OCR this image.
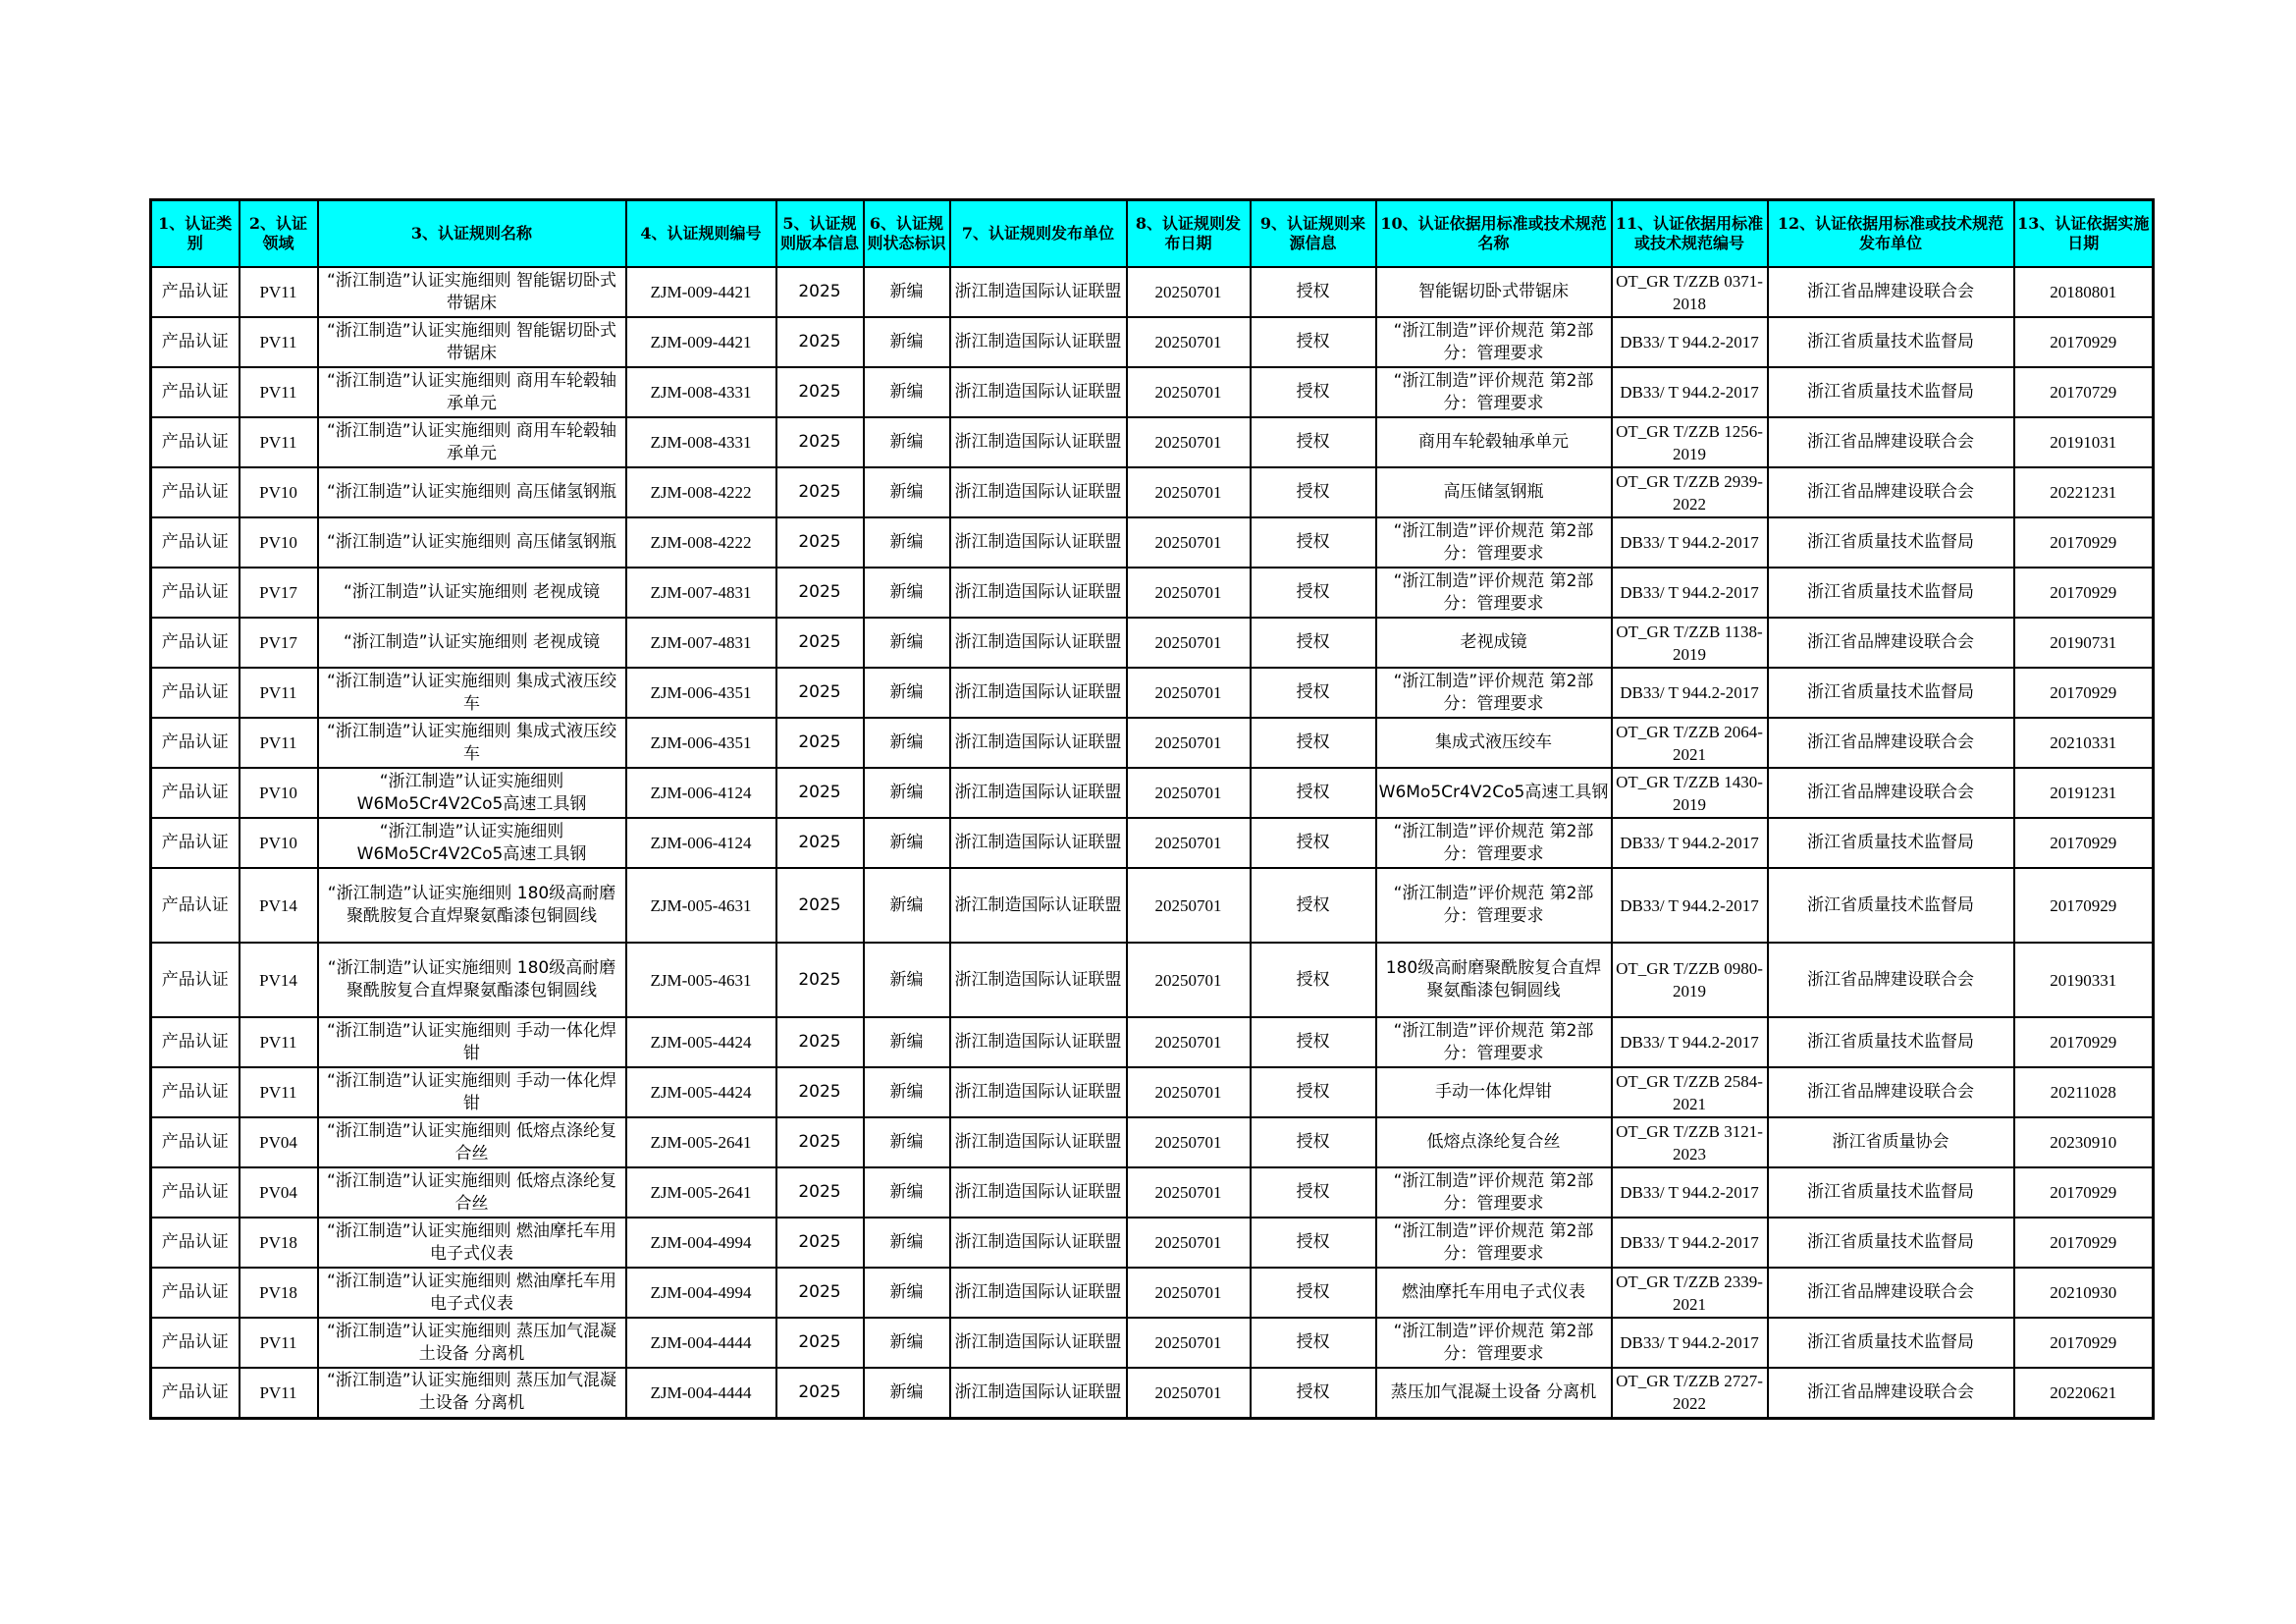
1、认证类别	2、认证领域	3、认证规则名称	4、认证规则编号	5、认证规则版本信息	6、认证规则状态标识	7、认证规则发布单位	8、认证规则发布日期	9、认证规则来源信息	10、认证依据用标准或技术规范名称	11、认证依据用标准或技术规范编号	12、认证依据用标准或技术规范发布单位	13、认证依据实施日期
产品认证	PV11	“浙江制造”认证实施细则 智能锯切卧式带锯床	ZJM-009-4421	2025	新编	浙江制造国际认证联盟	20250701	授权	智能锯切卧式带锯床	OT_GR T/ZZB 0371-2018	浙江省品牌建设联合会	20180801
产品认证	PV11	“浙江制造”认证实施细则 智能锯切卧式带锯床	ZJM-009-4421	2025	新编	浙江制造国际认证联盟	20250701	授权	“浙江制造”评价规范 第2部分：管理要求	DB33/ T 944.2-2017	浙江省质量技术监督局	20170929
产品认证	PV11	“浙江制造”认证实施细则 商用车轮毂轴承单元	ZJM-008-4331	2025	新编	浙江制造国际认证联盟	20250701	授权	“浙江制造”评价规范 第2部分：管理要求	DB33/ T 944.2-2017	浙江省质量技术监督局	20170729
产品认证	PV11	“浙江制造”认证实施细则 商用车轮毂轴承单元	ZJM-008-4331	2025	新编	浙江制造国际认证联盟	20250701	授权	商用车轮毂轴承单元	OT_GR T/ZZB 1256-2019	浙江省品牌建设联合会	20191031
产品认证	PV10	“浙江制造”认证实施细则 高压储氢钢瓶	ZJM-008-4222	2025	新编	浙江制造国际认证联盟	20250701	授权	高压储氢钢瓶	OT_GR T/ZZB 2939-2022	浙江省品牌建设联合会	20221231
产品认证	PV10	“浙江制造”认证实施细则 高压储氢钢瓶	ZJM-008-4222	2025	新编	浙江制造国际认证联盟	20250701	授权	“浙江制造”评价规范 第2部分：管理要求	DB33/ T 944.2-2017	浙江省质量技术监督局	20170929
产品认证	PV17	“浙江制造”认证实施细则 老视成镜	ZJM-007-4831	2025	新编	浙江制造国际认证联盟	20250701	授权	“浙江制造”评价规范 第2部分：管理要求	DB33/ T 944.2-2017	浙江省质量技术监督局	20170929
产品认证	PV17	“浙江制造”认证实施细则 老视成镜	ZJM-007-4831	2025	新编	浙江制造国际认证联盟	20250701	授权	老视成镜	OT_GR T/ZZB 1138-2019	浙江省品牌建设联合会	20190731
产品认证	PV11	“浙江制造”认证实施细则 集成式液压绞车	ZJM-006-4351	2025	新编	浙江制造国际认证联盟	20250701	授权	“浙江制造”评价规范 第2部分：管理要求	DB33/ T 944.2-2017	浙江省质量技术监督局	20170929
产品认证	PV11	“浙江制造”认证实施细则 集成式液压绞车	ZJM-006-4351	2025	新编	浙江制造国际认证联盟	20250701	授权	集成式液压绞车	OT_GR T/ZZB 2064-2021	浙江省品牌建设联合会	20210331
产品认证	PV10	“浙江制造”认证实施细则 W6Mo5Cr4V2Co5高速工具钢	ZJM-006-4124	2025	新编	浙江制造国际认证联盟	20250701	授权	W6Mo5Cr4V2Co5高速工具钢	OT_GR T/ZZB 1430-2019	浙江省品牌建设联合会	20191231
产品认证	PV10	“浙江制造”认证实施细则 W6Mo5Cr4V2Co5高速工具钢	ZJM-006-4124	2025	新编	浙江制造国际认证联盟	20250701	授权	“浙江制造”评价规范 第2部分：管理要求	DB33/ T 944.2-2017	浙江省质量技术监督局	20170929
产品认证	PV14	“浙江制造”认证实施细则 180级高耐磨聚酰胺复合直焊聚氨酯漆包铜圆线	ZJM-005-4631	2025	新编	浙江制造国际认证联盟	20250701	授权	“浙江制造”评价规范 第2部分：管理要求	DB33/ T 944.2-2017	浙江省质量技术监督局	20170929
产品认证	PV14	“浙江制造”认证实施细则 180级高耐磨聚酰胺复合直焊聚氨酯漆包铜圆线	ZJM-005-4631	2025	新编	浙江制造国际认证联盟	20250701	授权	180级高耐磨聚酰胺复合直焊聚氨酯漆包铜圆线	OT_GR T/ZZB 0980-2019	浙江省品牌建设联合会	20190331
产品认证	PV11	“浙江制造”认证实施细则 手动一体化焊钳	ZJM-005-4424	2025	新编	浙江制造国际认证联盟	20250701	授权	“浙江制造”评价规范 第2部分：管理要求	DB33/ T 944.2-2017	浙江省质量技术监督局	20170929
产品认证	PV11	“浙江制造”认证实施细则 手动一体化焊钳	ZJM-005-4424	2025	新编	浙江制造国际认证联盟	20250701	授权	手动一体化焊钳	OT_GR T/ZZB 2584-2021	浙江省品牌建设联合会	20211028
产品认证	PV04	“浙江制造”认证实施细则 低熔点涤纶复合丝	ZJM-005-2641	2025	新编	浙江制造国际认证联盟	20250701	授权	低熔点涤纶复合丝	OT_GR T/ZZB 3121-2023	浙江省质量协会	20230910
产品认证	PV04	“浙江制造”认证实施细则 低熔点涤纶复合丝	ZJM-005-2641	2025	新编	浙江制造国际认证联盟	20250701	授权	“浙江制造”评价规范 第2部分：管理要求	DB33/ T 944.2-2017	浙江省质量技术监督局	20170929
产品认证	PV18	“浙江制造”认证实施细则 燃油摩托车用电子式仪表	ZJM-004-4994	2025	新编	浙江制造国际认证联盟	20250701	授权	“浙江制造”评价规范 第2部分：管理要求	DB33/ T 944.2-2017	浙江省质量技术监督局	20170929
产品认证	PV18	“浙江制造”认证实施细则 燃油摩托车用电子式仪表	ZJM-004-4994	2025	新编	浙江制造国际认证联盟	20250701	授权	燃油摩托车用电子式仪表	OT_GR T/ZZB 2339-2021	浙江省品牌建设联合会	20210930
产品认证	PV11	“浙江制造”认证实施细则 蒸压加气混凝土设备 分离机	ZJM-004-4444	2025	新编	浙江制造国际认证联盟	20250701	授权	“浙江制造”评价规范 第2部分：管理要求	DB33/ T 944.2-2017	浙江省质量技术监督局	20170929
产品认证	PV11	“浙江制造”认证实施细则 蒸压加气混凝土设备 分离机	ZJM-004-4444	2025	新编	浙江制造国际认证联盟	20250701	授权	蒸压加气混凝土设备 分离机	OT_GR T/ZZB 2727-2022	浙江省品牌建设联合会	20220621
